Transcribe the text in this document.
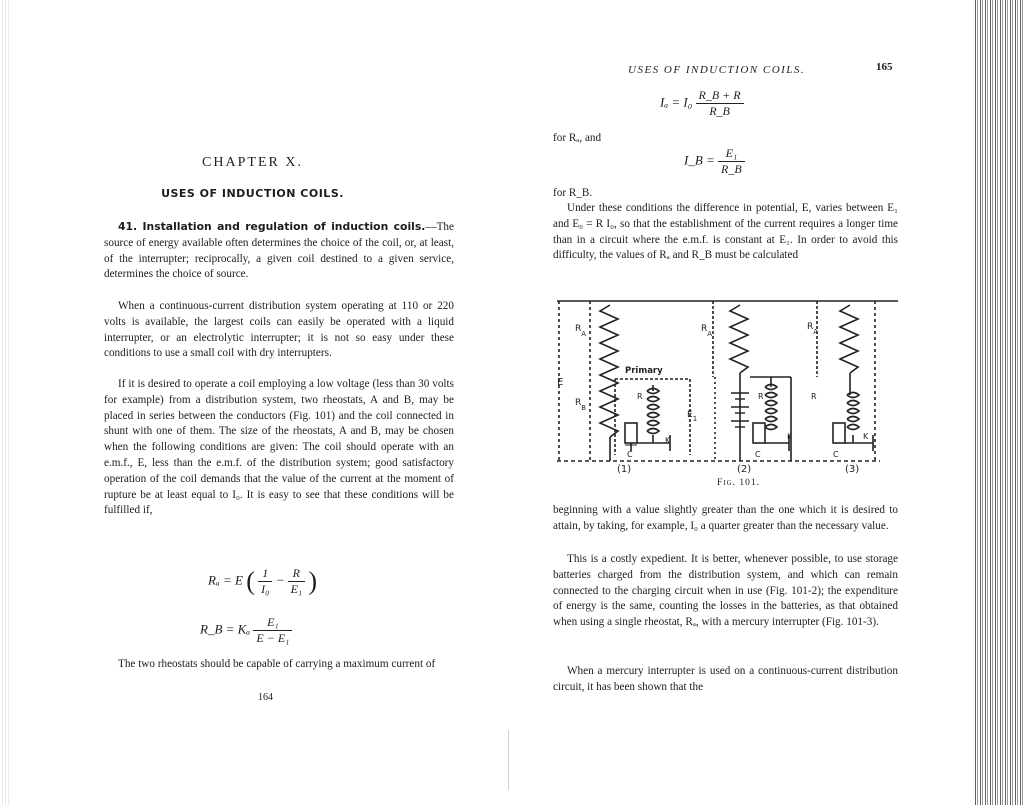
CHAPTER X.
USES OF INDUCTION COILS.

41. Installation and regulation of induction coils.—The source of energy available often determines the choice of the coil, or, at least, of the interrupter; reciprocally, a given coil destined to a given service, determines the choice of source.

When a continuous-current distribution system operating at 110 or 220 volts is available, the largest coils can easily be operated with a liquid interrupter, or an electrolytic interrupter; it is not so easy under these conditions to use a small coil with dry interrupters.

If it is desired to operate a coil employing a low voltage (less than 30 volts for example) from a distribution system, two rheostats, A and B, may be placed in series between the conductors (Fig. 101) and the coil connected in shunt with one of them. The size of the rheostats, A and B, may be chosen when the following conditions are given: The coil should operate with an e.m.f., E, less than the e.m.f. of the distribution system; good satisfactory operation of the coil demands that the value of the current at the moment of rupture be at least equal to I₀. It is easy to see that these conditions will be fulfilled if,

Rₐ = E ( $\frac{1}{\text{I₀}} - \frac{R}{\text{E₁}}$ )
R_B = Kₐ $\frac{\text{E₁}}{\text{E − E₁}}$

The two rheostats should be capable of carrying a maximum current of

164
USES OF INDUCTION COILS.	165
$I_a = I_0 \frac{R\_B + R}{R\_B}$

for Rₐ, and

I_B = $\frac{\text{E₁}}{R\_B}$

for R_B.

Under these conditions the difference in potential, E, varies between E₁ and E₀ = R I₀, so that the establishment of the current requires a longer time than in a circuit where the e.m.f. is constant at E₁. In order to avoid this difficulty, the values of Rₐ and R_B must be calculated

$R_A$
$R_B$
E
Primary
$E_1$
R
K
C
$R_A$
R
K
C
$R_A$
R
K
C
(1)	(2)	(3)
Fig. 101.

beginning with a value slightly greater than the one which it is desired to attain, by taking, for example, I₀ a quarter greater than the necessary value.

This is a costly expedient. It is better, whenever possible, to use storage batteries charged from the distribution system, and which can remain connected to the charging circuit when in use (Fig. 101-2); the expenditure of energy is the same, counting the losses in the batteries, as that obtained when using a single rheostat, Rₐ, with a mercury interrupter (Fig. 101-3).

When a mercury interrupter is used on a continuous-current distribution circuit, it has been shown that the
